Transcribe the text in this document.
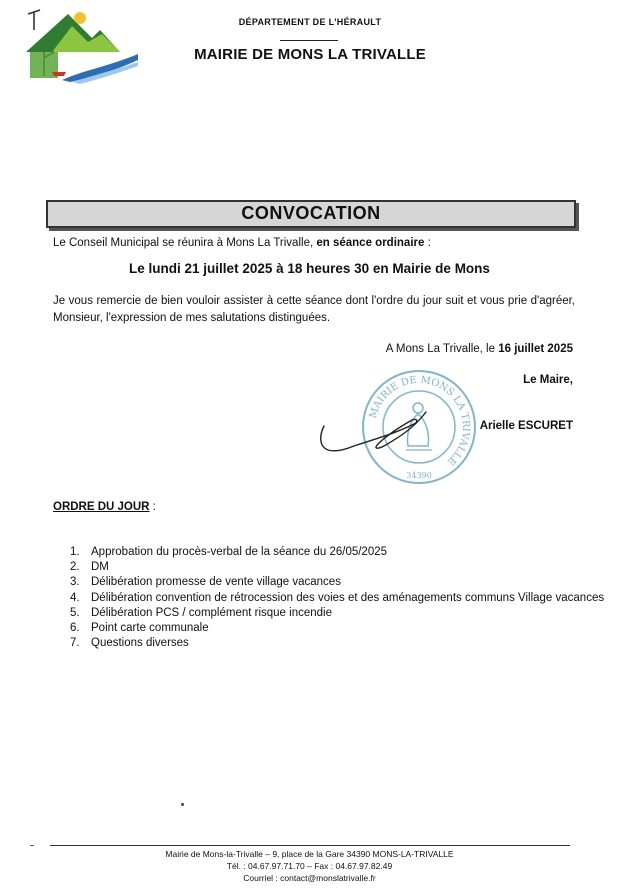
DÉPARTEMENT DE L'HÉRAULT
MAIRIE DE MONS LA TRIVALLE
CONVOCATION
Le Conseil Municipal se réunira à Mons La Trivalle, en séance ordinaire :
Le lundi 21 juillet 2025 à 18 heures 30 en Mairie de Mons
Je vous remercie de bien vouloir assister à cette séance dont l'ordre du jour suit et vous prie d'agréer, Monsieur, l'expression de mes salutations distinguées.
A Mons La Trivalle, le 16 juillet 2025
MAIRIE DE MONS LA TRIVALLE
34390
Le Maire,
Arielle ESCURET
ORDRE DU JOUR :
1. Approbation du procès-verbal de la séance du 26/05/2025
2. DM
3. Délibération promesse de vente village vacances
4. Délibération convention de rétrocession des voies et des aménagements communs Village vacances
5. Délibération PCS / complément risque incendie
6. Point carte communale
7. Questions diverses
Mairie de Mons-la-Trivalle – 9, place de la Gare 34390 MONS-LA-TRIVALLE
Tél. : 04.67.97.71.70 – Fax : 04.67.97.82.49
Courriel : contact@monslatrivalle.fr
